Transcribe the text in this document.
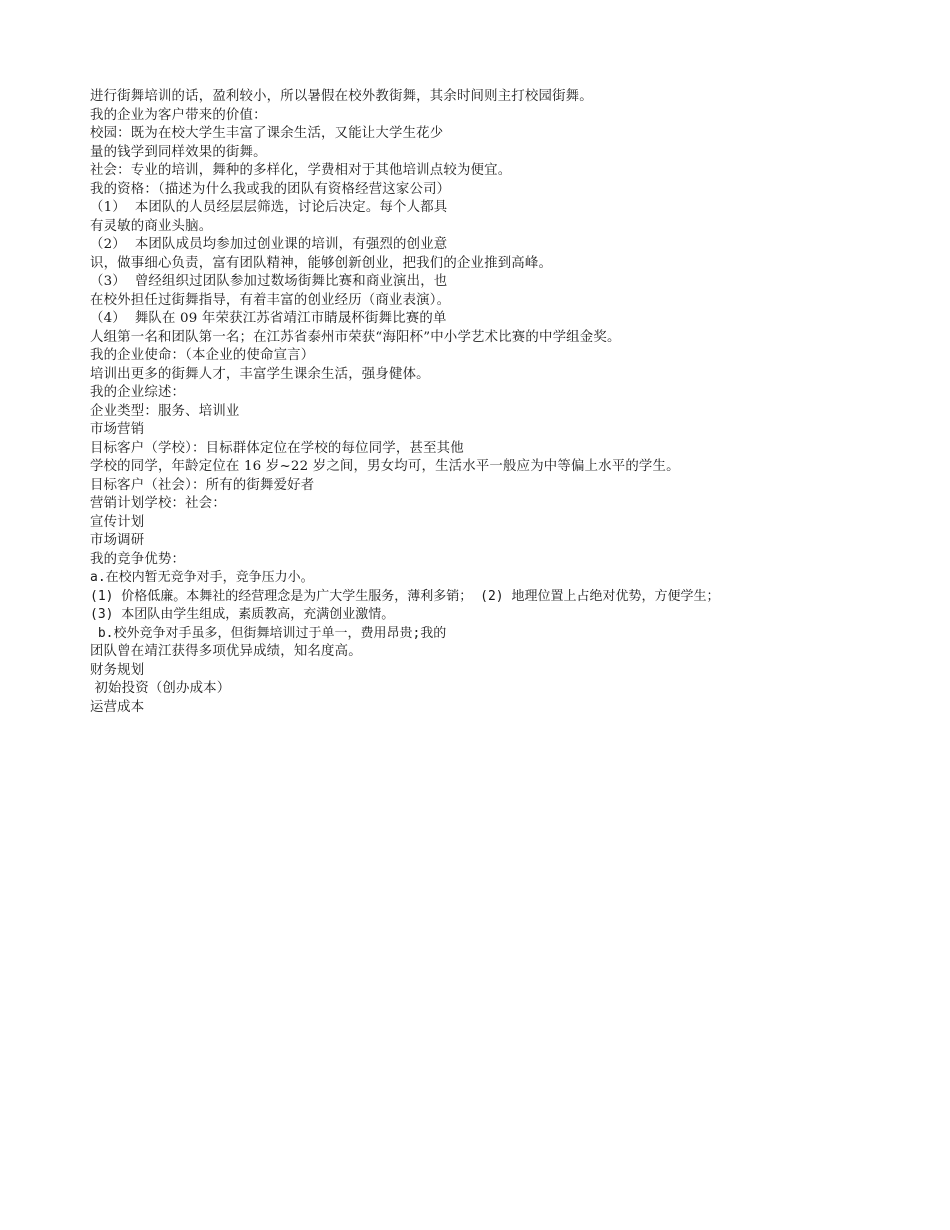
进行街舞培训的话，盈利较小，所以暑假在校外教街舞，其余时间则主打校园街舞。
我的企业为客户带来的价值：
校园：既为在校大学生丰富了课余生活，又能让大学生花少
量的钱学到同样效果的街舞。
社会：专业的培训，舞种的多样化，学费相对于其他培训点较为便宜。
我的资格：（描述为什么我或我的团队有资格经营这家公司）
（1）  本团队的人员经层层筛选，讨论后决定。每个人都具
有灵敏的商业头脑。
（2）  本团队成员均参加过创业课的培训，有强烈的创业意
识，做事细心负责，富有团队精神，能够创新创业，把我们的企业推到高峰。
（3）  曾经组织过团队参加过数场街舞比赛和商业演出，也
在校外担任过街舞指导，有着丰富的创业经历（商业表演）。
（4）  舞队在 09 年荣获江苏省靖江市睛晟杯街舞比赛的单
人组第一名和团队第一名；在江苏省泰州市荣获“海阳杯”中小学艺术比赛的中学组金奖。
我的企业使命：（本企业的使命宣言）
培训出更多的街舞人才，丰富学生课余生活，强身健体。
我的企业综述：
企业类型：服务、培训业
市场营销
目标客户（学校）：目标群体定位在学校的每位同学，甚至其他
学校的同学，年龄定位在 16 岁~22 岁之间，男女均可，生活水平一般应为中等偏上水平的学生。
目标客户（社会）：所有的街舞爱好者
营销计划学校：社会：
宣传计划
市场调研
我的竞争优势：
a.在校内暂无竞争对手，竞争压力小。
(1) 价格低廉。本舞社的经营理念是为广大学生服务，薄利多销； (2) 地理位置上占绝对优势，方便学生；
(3) 本团队由学生组成，素质教高，充满创业激情。
b.校外竞争对手虽多，但街舞培训过于单一，费用昂贵;我的
团队曾在靖江获得多项优异成绩，知名度高。
财务规划
初始投资（创办成本）
运营成本
